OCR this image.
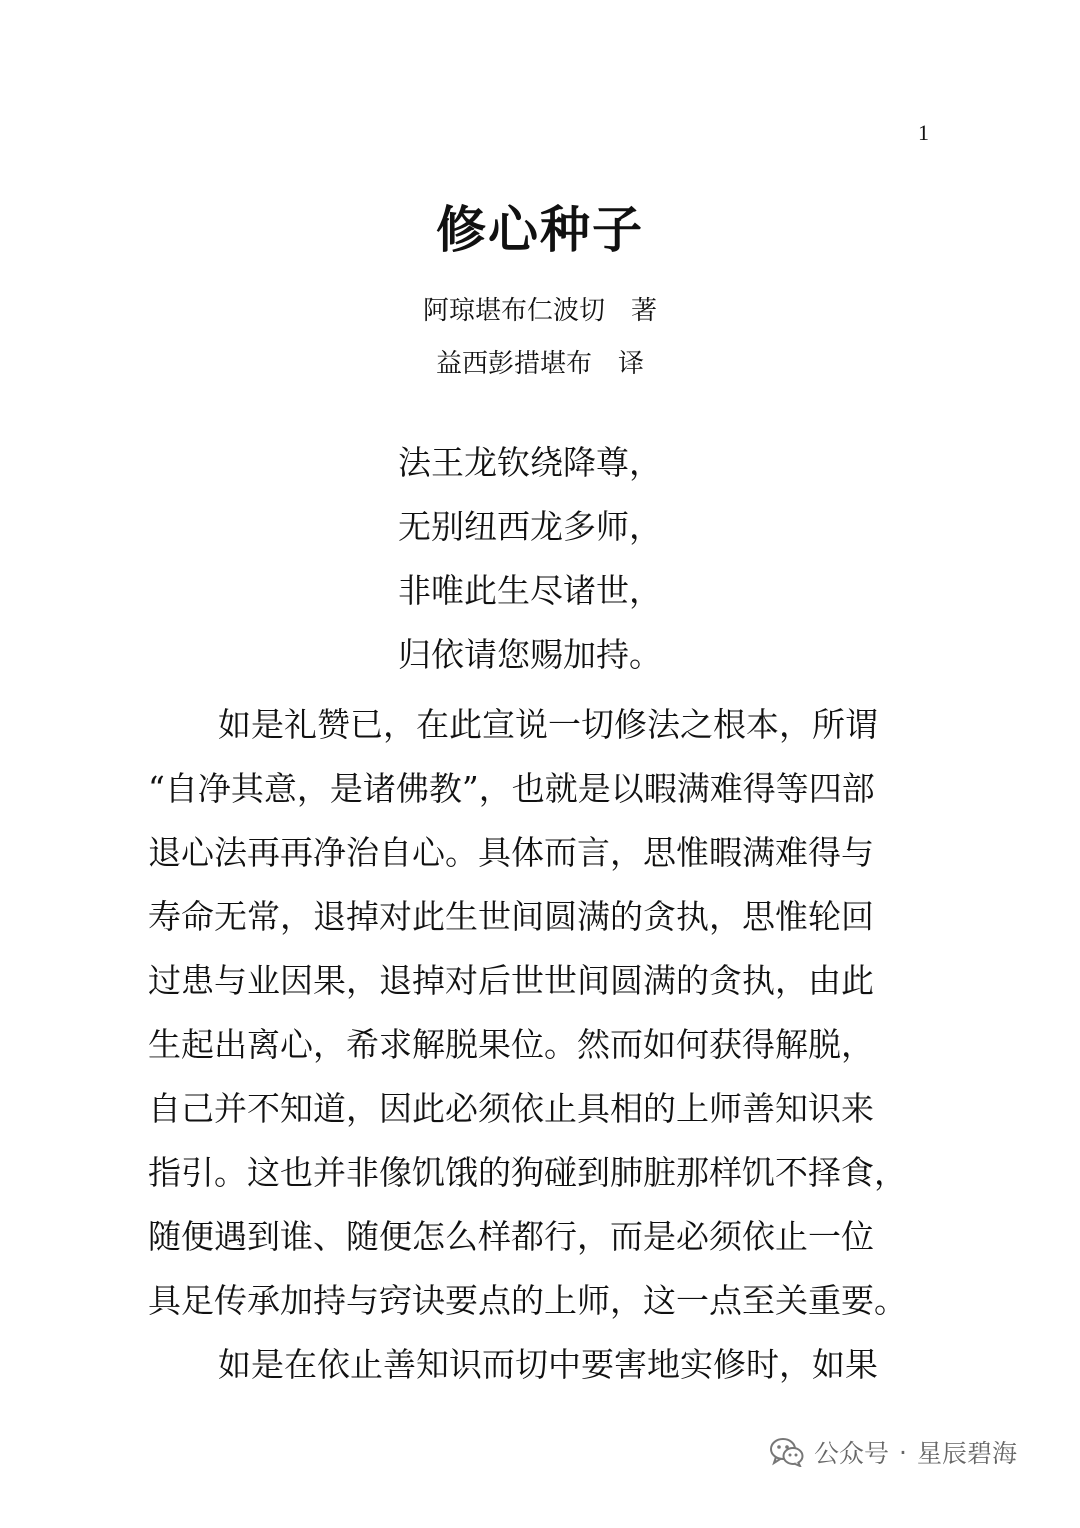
1
修心种子
阿琼堪布仁波切　著
益西彭措堪布　译
法王龙钦绕降尊，
无别纽西龙多师，
非唯此生尽诸世，
归依请您赐加持。
如是礼赞已，在此宣说一切修法之根本，所谓
“自净其意，是诸佛教”，也就是以暇满难得等四部
退心法再再净治自心。具体而言，思惟暇满难得与
寿命无常，退掉对此生世间圆满的贪执，思惟轮回
过患与业因果，退掉对后世世间圆满的贪执，由此
生起出离心，希求解脱果位。然而如何获得解脱，
自己并不知道，因此必须依止具相的上师善知识来
指引。这也并非像饥饿的狗碰到肺脏那样饥不择食，
随便遇到谁、随便怎么样都行，而是必须依止一位
具足传承加持与窍诀要点的上师，这一点至关重要。
如是在依止善知识而切中要害地实修时，如果
公众号 · 星辰碧海
